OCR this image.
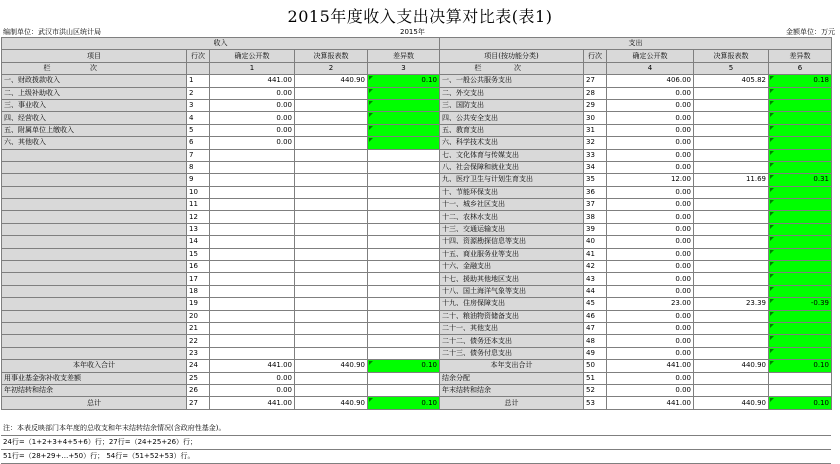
2015年度收入支出决算对比表(表1)
编制单位：武汉市洪山区统计局	2015年	金额单位：万元
收入					支出				
项目	行次	确定公开数	决算报表数	差异数	项目(按功能分类)	行次	确定公开数	决算报表数	差异数
栏 次		1	2	3	栏 次		4	5	6
一、财政拨款收入	1	441.00	440.90	0.10	一、一般公共服务支出	27	406.00	405.82	0.18
二、上级补助收入	2	0.00			二、外交支出	28	0.00		
三、事业收入	3	0.00			三、国防支出	29	0.00		
四、经营收入	4	0.00			四、公共安全支出	30	0.00		
五、附属单位上缴收入	5	0.00			五、教育支出	31	0.00		
六、其他收入	6	0.00			六、科学技术支出	32	0.00		
	7				七、文化体育与传媒支出	33	0.00		
	8				八、社会保障和就业支出	34	0.00		
	9				九、医疗卫生与计划生育支出	35	12.00	11.69	0.31
	10				十、节能环保支出	36	0.00		
	11				十一、城乡社区支出	37	0.00		
	12				十二、农林水支出	38	0.00		
	13				十三、交通运输支出	39	0.00		
	14				十四、资源勘探信息等支出	40	0.00		
	15				十五、商业服务业等支出	41	0.00		
	16				十六、金融支出	42	0.00		
	17				十七、援助其他地区支出	43	0.00		
	18				十八、国土海洋气象等支出	44	0.00		
	19				十九、住房保障支出	45	23.00	23.39	-0.39
	20				二十、粮油物资储备支出	46	0.00		
	21				二十一、其他支出	47	0.00		
	22				二十二、债务还本支出	48	0.00		
	23				二十三、债务付息支出	49	0.00		
本年收入合计	24	441.00	440.90	0.10	本年支出合计	50	441.00	440.90	0.10
用事业基金弥补收支差额	25	0.00			结余分配	51	0.00		
年初结转和结余	26	0.00			年末结转和结余	52	0.00		
总计	27	441.00	440.90	0.10	总计	53	441.00	440.90	0.10
注：本表反映部门本年度的总收支和年末结转结余情况(含政府性基金)。
24行=（1+2+3+4+5+6）行；27行=（24+25+26）行；
51行=（28+29+…+50）行； 54行=（51+52+53）行。
